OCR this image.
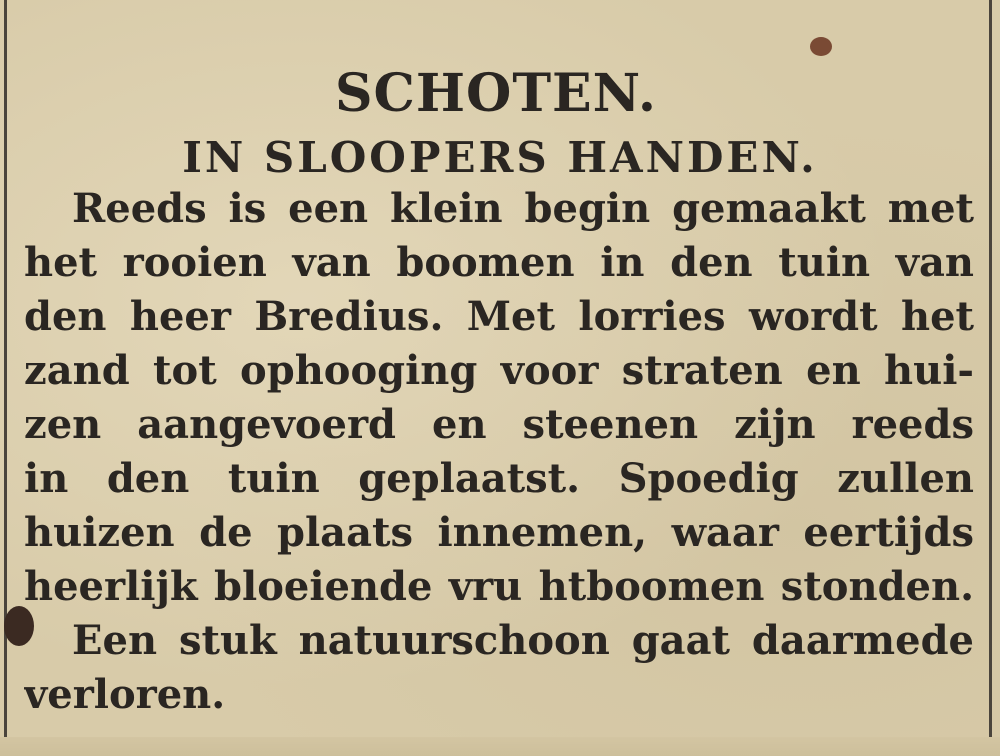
SCHOTEN.
IN SLOOPERS HANDEN.
Reeds is een klein begin gemaakt met
het rooien van boomen in den tuin van
den heer Bredius. Met lorries wordt het
zand tot ophooging voor straten en hui-
zen aangevoerd en steenen zijn reeds
in den tuin geplaatst. Spoedig zullen
huizen de plaats innemen, waar eertijds
heerlijk bloeiende vru htboomen stonden.
Een stuk natuurschoon gaat daarmede
verloren.
